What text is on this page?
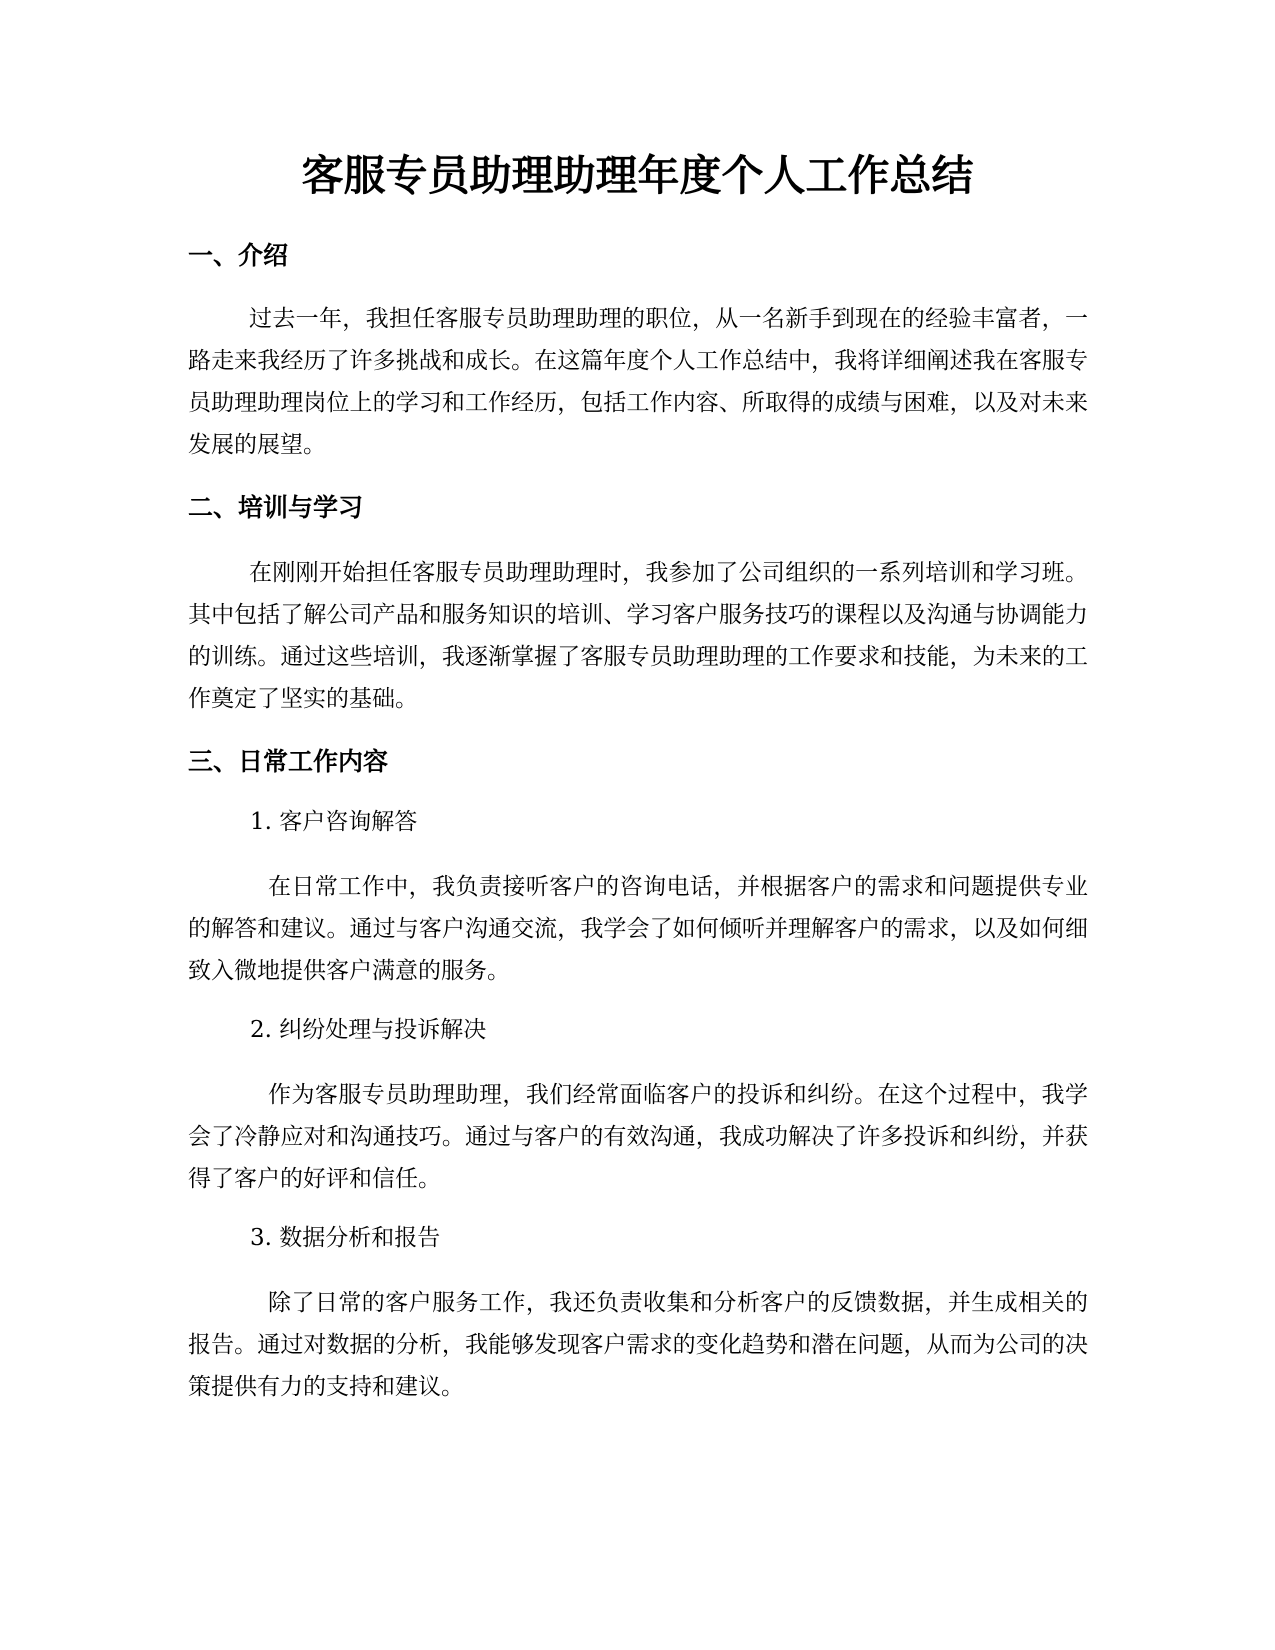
客服专员助理助理年度个人工作总结
一、介绍

过去一年，我担任客服专员助理助理的职位，从一名新手到现在的经验丰富者，一路走来我经历了许多挑战和成长。在这篇年度个人工作总结中，我将详细阐述我在客服专员助理助理岗位上的学习和工作经历，包括工作内容、所取得的成绩与困难，以及对未来发展的展望。

二、培训与学习

在刚刚开始担任客服专员助理助理时，我参加了公司组织的一系列培训和学习班。其中包括了解公司产品和服务知识的培训、学习客户服务技巧的课程以及沟通与协调能力的训练。通过这些培训，我逐渐掌握了客服专员助理助理的工作要求和技能，为未来的工作奠定了坚实的基础。

三、日常工作内容

1. 客户咨询解答

在日常工作中，我负责接听客户的咨询电话，并根据客户的需求和问题提供专业的解答和建议。通过与客户沟通交流，我学会了如何倾听并理解客户的需求，以及如何细致入微地提供客户满意的服务。

2. 纠纷处理与投诉解决

作为客服专员助理助理，我们经常面临客户的投诉和纠纷。在这个过程中，我学会了冷静应对和沟通技巧。通过与客户的有效沟通，我成功解决了许多投诉和纠纷，并获得了客户的好评和信任。

3. 数据分析和报告

除了日常的客户服务工作，我还负责收集和分析客户的反馈数据，并生成相关的报告。通过对数据的分析，我能够发现客户需求的变化趋势和潜在问题，从而为公司的决策提供有力的支持和建议。
